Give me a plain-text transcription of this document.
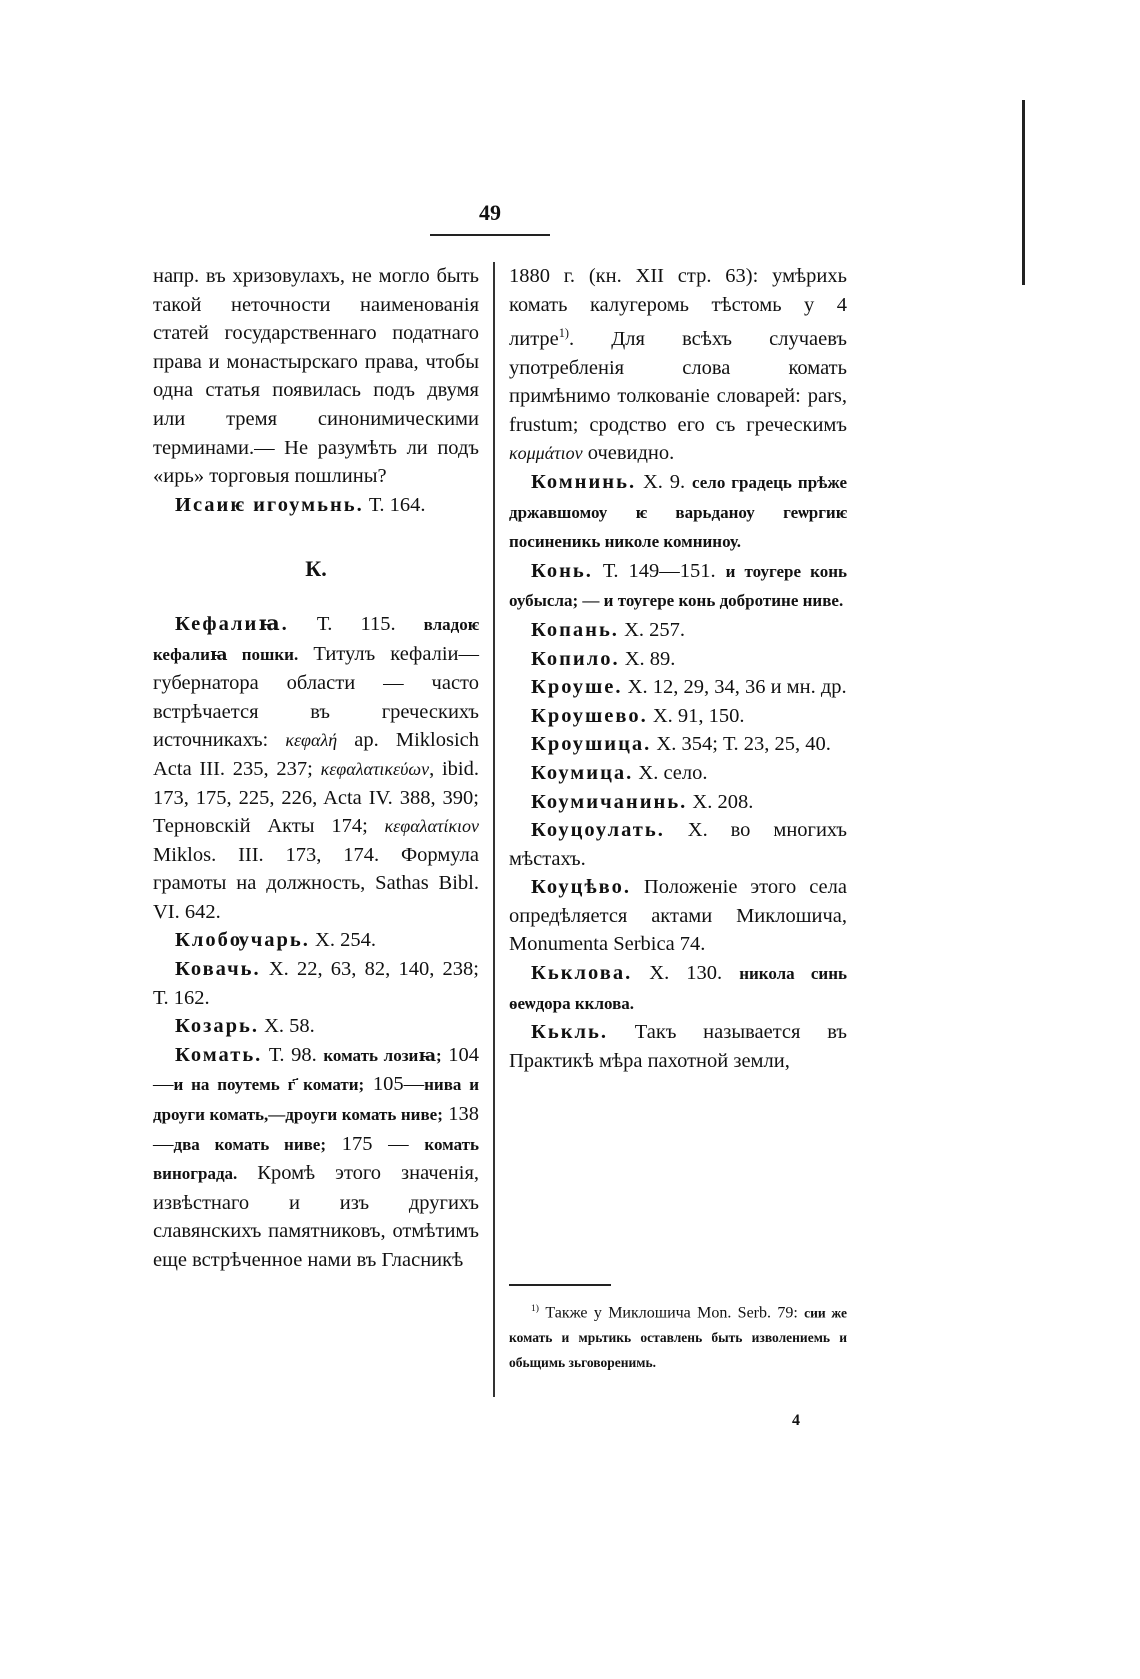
49

напр. въ хризовулахъ, не могло быть такой неточности наименованія статей государственнаго податнаго права и монастырскаго права, чтобы одна статья появилась подъ двумя или тремя синонимическими терминами.— Не разумѣть ли подъ «ирь» торговыя пошлины?

Исаиѥ игоумьнь. Т. 164.

К.

Кефалиꙗ. Т. 115. владоѥ кефалиꙗ пошки. Титулъ кефаліи—губернатора области — часто встрѣчается въ греческихъ источникахъ: κεφαλή ap. Miklosich Acta III. 235, 237; κεφαλατικεύων, ibid. 173, 175, 225, 226, Acta IV. 388, 390; Терновскій Акты 174; κεφαλατίκιον Miklos. III. 173, 174. Формула грамоты на должность, Sathas Bibl. VI. 642.

Клобѹчарь. Х. 254.

Ковачь. Х. 22, 63, 82, 140, 238; Т. 162.

Козарь. Х. 58.

Комать. Т. 98. комать лозиꙗ; 104—и на поутемь г҃ комати; 105—нива и дроуги комать,—дроуги комать ниве; 138—два комать ниве; 175 — комать винограда. Кромѣ этого значенія, извѣстнаго и изъ другихъ славянскихъ памятниковъ, отмѣтимъ еще встрѣченное нами въ Гласникѣ

1880 г. (кн. XII стр. 63): умѣрихь комать калугеромь тѣстомь у 4 литре$^{1)}$. Для всѣхъ случаевъ употребленія слова комать примѣнимо толкованіе словарей: pars, frustum; сродство его съ греческимъ κομμάτιον очевидно.

Комнинь. Х. 9. село градець прѣже државшомоу ѥ варьданоу геѡргиѥ посиненикь николе комниноу.

Конь. Т. 149—151. и тоугере конь оубысла; — и тоугере конь добротине ниве.

Копань. Х. 257.

Копило. Х. 89.

Кроуше. Х. 12, 29, 34, 36 и мн. др.

Кроушево. Х. 91, 150.

Кроушица. Х. 354; Т. 23, 25, 40.

Коумица. Х. село.

Коумичанинь. Х. 208.

Коуцоулать. Х. во многихъ мѣстахъ.

Коуцѣво. Положеніе этого села опредѣляется актами Миклошича, Monumenta Serbica 74.

Кьклова. Х. 130. никола синь ѳеѡдора кклова.

Кькль. Такъ называется въ Практикѣ мѣра пахотной земли,

$^{1)}$ Также у Миклошича Mon. Serb. 79: сии же комать и мрьтикь оставлень быть изволениемь и обьщимь зьговоренимь.

4
